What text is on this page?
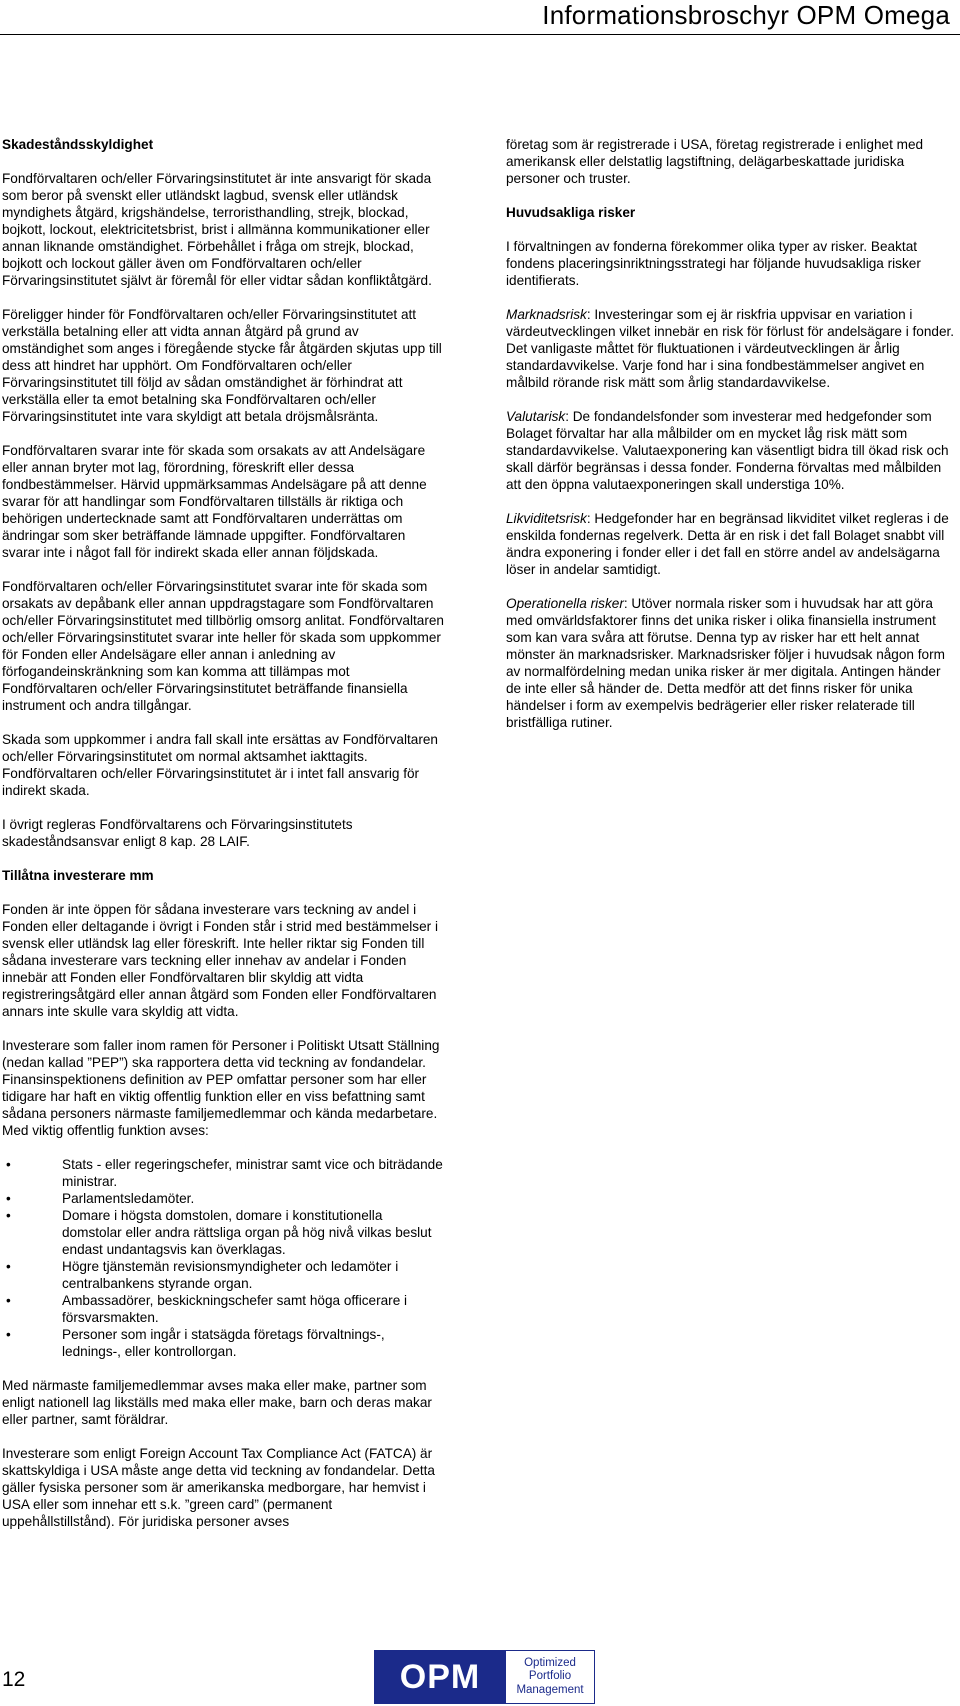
Informationsbroschyr OPM Omega
Skadeståndsskyldighet

Fondförvaltaren och/eller Förvaringsinstitutet är inte ansvarigt för skada som beror på svenskt eller utländskt lagbud, svensk eller utländsk myndighets åtgärd, krigshändelse, terroristhandling, strejk, blockad, bojkott, lockout, elektricitetsbrist, brist i allmänna kommunikationer eller annan liknande omständighet. Förbehållet i fråga om strejk, blockad, bojkott och lockout gäller även om Fondförvaltaren och/eller Förvaringsinstitutet självt är föremål för eller vidtar sådan konfliktåtgärd.

Föreligger hinder för Fondförvaltaren och/eller Förvaringsinstitutet att verkställa betalning eller att vidta annan åtgärd på grund av omständighet som anges i föregående stycke får åtgärden skjutas upp till dess att hindret har upphört. Om Fondförvaltaren och/eller Förvaringsinstitutet till följd av sådan omständighet är förhindrat att verkställa eller ta emot betalning ska Fondförvaltaren och/eller Förvaringsinstitutet inte vara skyldigt att betala dröjsmålsränta.

Fondförvaltaren svarar inte för skada som orsakats av att Andelsägare eller annan bryter mot lag, förordning, föreskrift eller dessa fondbestämmelser. Härvid uppmärksammas Andelsägare på att denne svarar för att handlingar som Fondförvaltaren tillställs är riktiga och behörigen undertecknade samt att Fondförvaltaren underrättas om ändringar som sker beträffande lämnade uppgifter. Fondförvaltaren svarar inte i något fall för indirekt skada eller annan följdskada.

Fondförvaltaren och/eller Förvaringsinstitutet svarar inte för skada som orsakats av depåbank eller annan uppdragstagare som Fondförvaltaren och/eller Förvaringsinstitutet med tillbörlig omsorg anlitat. Fondförvaltaren och/eller Förvaringsinstitutet svarar inte heller för skada som uppkommer för Fonden eller Andelsägare eller annan i anledning av förfogandeinskränkning som kan komma att tillämpas mot Fondförvaltaren och/eller Förvaringsinstitutet beträffande finansiella instrument och andra tillgångar.

Skada som uppkommer i andra fall skall inte ersättas av Fondförvaltaren och/eller Förvaringsinstitutet om normal aktsamhet iakttagits. Fondförvaltaren och/eller Förvaringsinstitutet är i intet fall ansvarig för indirekt skada.

I övrigt regleras Fondförvaltarens och Förvaringsinstitutets skadeståndsansvar enligt 8 kap. 28 LAIF.

Tillåtna investerare mm

Fonden är inte öppen för sådana investerare vars teckning av andel i Fonden eller deltagande i övrigt i Fonden står i strid med bestämmelser i svensk eller utländsk lag eller föreskrift. Inte heller riktar sig Fonden till sådana investerare vars teckning eller innehav av andelar i Fonden innebär att Fonden eller Fondförvaltaren blir skyldig att vidta registreringsåtgärd eller annan åtgärd som Fonden eller Fondförvaltaren annars inte skulle vara skyldig att vidta.

Investerare som faller inom ramen för Personer i Politiskt Utsatt Ställning (nedan kallad ”PEP”) ska rapportera detta vid teckning av fondandelar. Finansinspektionens definition av PEP omfattar personer som har eller tidigare har haft en viktig offentlig funktion eller en viss befattning samt sådana personers närmaste familjemedlemmar och kända medarbetare. Med viktig offentlig funktion avses:

•	Stats - eller regeringschefer, ministrar samt vice och biträdande ministrar.
•	Parlamentsledamöter.
•	Domare i högsta domstolen, domare i konstitutionella domstolar eller andra rättsliga organ på hög nivå vilkas beslut endast undantagsvis kan överklagas.
•	Högre tjänstemän revisionsmyndigheter och ledamöter i centralbankens styrande organ.
•	Ambassadörer, beskickningschefer samt höga officerare i försvarsmakten.
•	Personer som ingår i statsägda företags förvaltnings-, lednings-, eller kontrollorgan.

Med närmaste familjemedlemmar avses maka eller make, partner som enligt nationell lag likställs med maka eller make, barn och deras makar eller partner, samt föräldrar.

Investerare som enligt Foreign Account Tax Compliance Act (FATCA) är skattskyldiga i USA måste ange detta vid teckning av fondandelar. Detta gäller fysiska personer som är amerikanska medborgare, har hemvist i USA eller som innehar ett s.k. ”green card” (permanent uppehållstillstånd). För juridiska personer avses

företag som är registrerade i USA, företag registrerade i enlighet med amerikansk eller delstatlig lagstiftning, delägarbeskattade juridiska personer och truster.

Huvudsakliga risker

I förvaltningen av fonderna förekommer olika typer av risker. Beaktat fondens placeringsinriktningsstrategi har följande huvudsakliga risker identifierats.

Marknadsrisk: Investeringar som ej är riskfria uppvisar en variation i värdeutvecklingen vilket innebär en risk för förlust för andelsägare i fonder. Det vanligaste måttet för fluktuationen i värdeutvecklingen är årlig standardavvikelse. Varje fond har i sina fondbestämmelser angivet en målbild rörande risk mätt som årlig standardavvikelse.

Valutarisk: De fondandelsfonder som investerar med hedgefonder som Bolaget förvaltar har alla målbilder om en mycket låg risk mätt som standardavvikelse. Valutaexponering kan väsentligt bidra till ökad risk och skall därför begränsas i dessa fonder. Fonderna förvaltas med målbilden att den öppna valutaexponeringen skall understiga 10%.

Likviditetsrisk: Hedgefonder har en begränsad likviditet vilket regleras i de enskilda fondernas regelverk. Detta är en risk i det fall Bolaget snabbt vill ändra exponering i fonder eller i det fall en större andel av andelsägarna löser in andelar samtidigt.

Operationella risker: Utöver normala risker som i huvudsak har att göra med omvärldsfaktorer finns det unika risker i olika finansiella instrument som kan vara svåra att förutse. Denna typ av risker har ett helt annat mönster än marknadsrisker. Marknadsrisker följer i huvudsak någon form av normalfördelning medan unika risker är mer digitala. Antingen händer de inte eller så händer de. Detta medför att det finns risker för unika händelser i form av exempelvis bedrägerier eller risker relaterade till bristfälliga rutiner.

12	OPM	Optimized
Portfolio
Management
